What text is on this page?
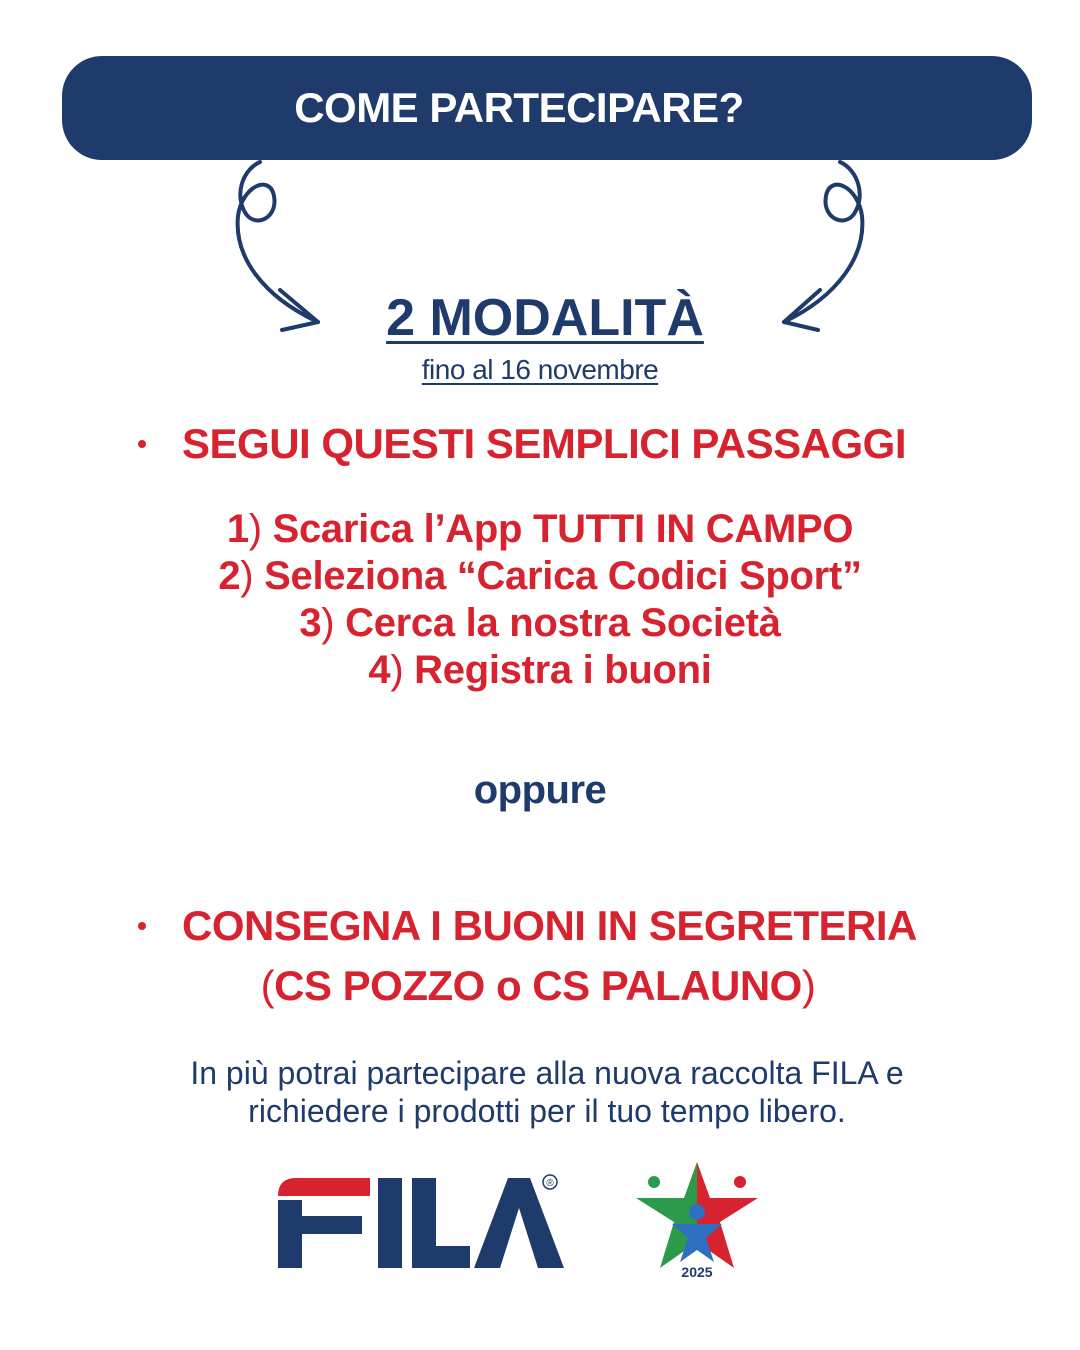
COME PARTECIPARE?
2 MODALITÀ
fino al 16 novembre
SEGUI QUESTI SEMPLICI PASSAGGI
1) Scarica l’App TUTTI IN CAMPO
2) Seleziona “Carica Codici Sport”
3) Cerca la nostra Società
4) Registra i buoni
oppure
CONSEGNA I BUONI IN SEGRETERIA
(CS POZZO o CS PALAUNO)
In più potrai partecipare alla nuova raccolta FILA e
richiedere i prodotti per il tuo tempo libero.
®
2025
